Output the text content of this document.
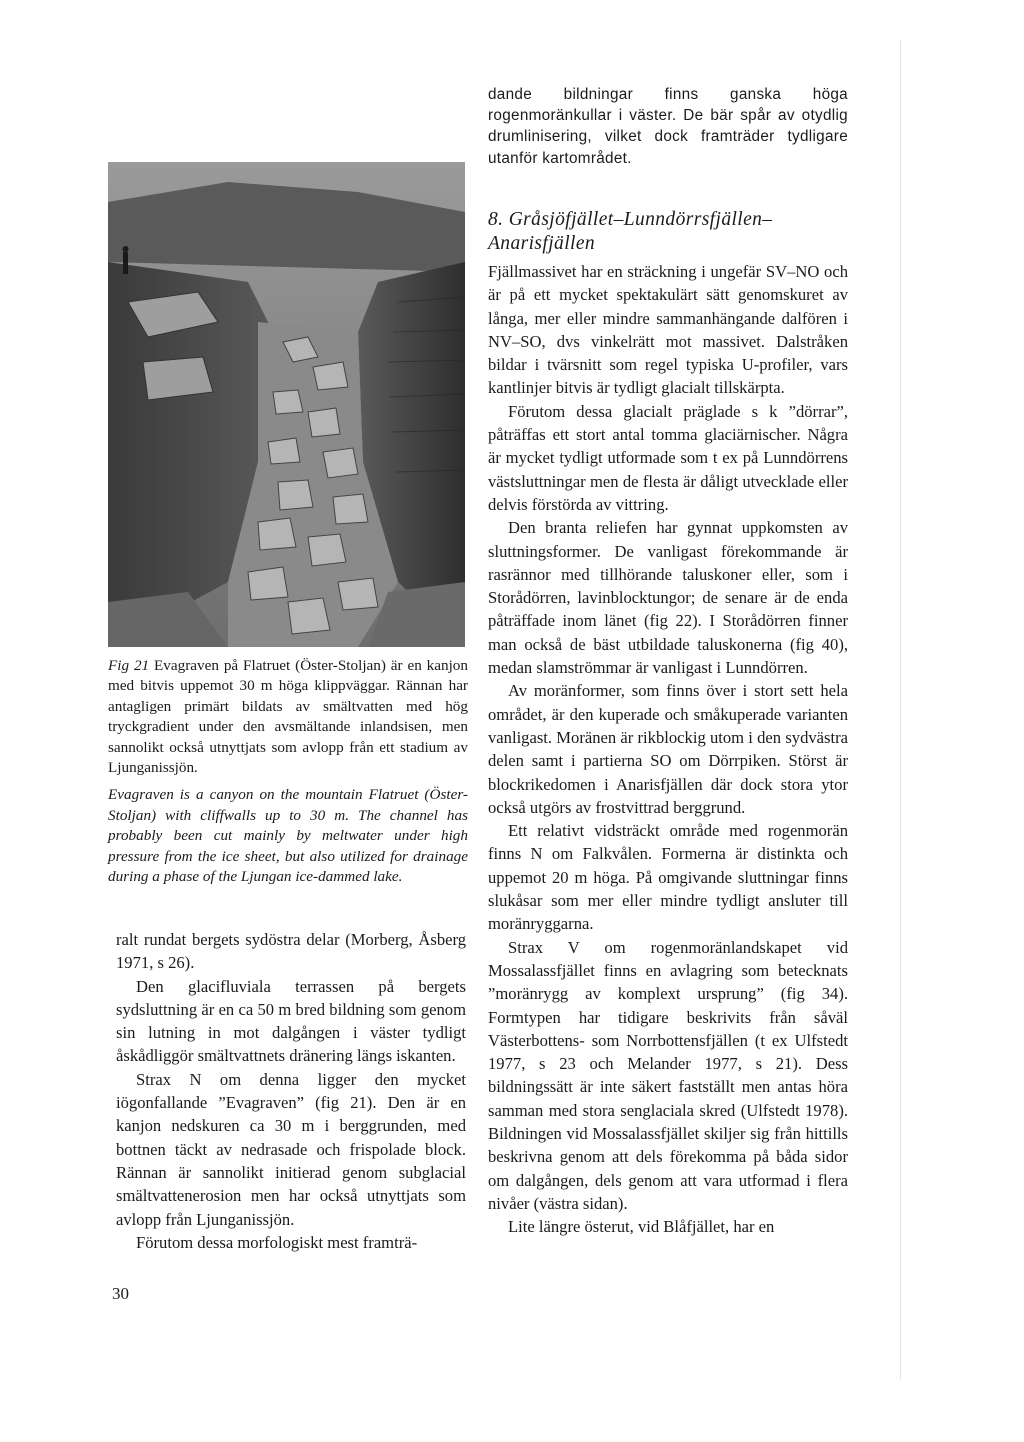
Fig 21 Evagraven på Flatruet (Öster-Stoljan) är en kanjon med bitvis uppemot 30 m höga klippväggar. Rännan har antagligen primärt bildats av smältvatten med hög tryckgradient under den avsmältande inlandsisen, men sannolikt också utnyttjats som avlopp från ett stadium av Ljunganissjön.

Evagraven is a canyon on the mountain Flatruet (Öster-Stoljan) with cliffwalls up to 30 m. The channel has probably been cut mainly by meltwater under high pressure from the ice sheet, but also utilized for drainage during a phase of the Ljungan ice-dammed lake.

ralt rundat bergets sydöstra delar (Morberg, Åsberg 1971, s 26).

Den glacifluviala terrassen på bergets sydsluttning är en ca 50 m bred bildning som genom sin lutning in mot dalgången i väster tydligt åskådliggör smältvattnets dränering längs iskanten.

Strax N om denna ligger den mycket iögonfallande ”Evagraven” (fig 21). Den är en kanjon nedskuren ca 30 m i berggrunden, med bottnen täckt av nedrasade och frispolade block. Rännan är sannolikt initierad genom subglacial smältvattenerosion men har också utnyttjats som avlopp från Ljunganissjön.

Förutom dessa morfologiskt mest framträ-

dande bildningar finns ganska höga rogenmoränkullar i väster. De bär spår av otydlig drumlinisering, vilket dock framträder tydligare utanför kartområdet.

8. Gråsjöfjället–Lunndörrsfjällen–
Anarisfjällen

Fjällmassivet har en sträckning i ungefär SV–NO och är på ett mycket spektakulärt sätt genomskuret av långa, mer eller mindre sammanhängande dalfören i NV–SO, dvs vinkelrätt mot massivet. Dalstråken bildar i tvärsnitt som regel typiska U-profiler, vars kantlinjer bitvis är tydligt glacialt tillskärpta.

Förutom dessa glacialt präglade s k ”dörrar”, påträffas ett stort antal tomma glaciärnischer. Några är mycket tydligt utformade som t ex på Lunndörrens västsluttningar men de flesta är dåligt utvecklade eller delvis förstörda av vittring.

Den branta reliefen har gynnat uppkomsten av sluttningsformer. De vanligast förekommande är rasrännor med tillhörande taluskoner eller, som i Storådörren, lavinblocktungor; de senare är de enda påträffade inom länet (fig 22). I Storådörren finner man också de bäst utbildade taluskonerna (fig 40), medan slamströmmar är vanligast i Lunndörren.

Av moränformer, som finns över i stort sett hela området, är den kuperade och småkuperade varianten vanligast. Moränen är rikblockig utom i den sydvästra delen samt i partierna SO om Dörrpiken. Störst är blockrikedomen i Anarisfjällen där dock stora ytor också utgörs av frostvittrad berggrund.

Ett relativt vidsträckt område med rogenmorän finns N om Falkvålen. Formerna är distinkta och uppemot 20 m höga. På omgivande sluttningar finns slukåsar som mer eller mindre tydligt ansluter till moränryggarna.

Strax V om rogenmoränlandskapet vid Mossalassfjället finns en avlagring som betecknats ”moränrygg av komplext ursprung” (fig 34). Formtypen har tidigare beskrivits från såväl Västerbottens- som Norrbottensfjällen (t ex Ulfstedt 1977, s 23 och Melander 1977, s 21). Dess bildningssätt är inte säkert fastställt men antas höra samman med stora senglaciala skred (Ulfstedt 1978). Bildningen vid Mossalassfjället skiljer sig från hittills beskrivna genom att dels förekomma på båda sidor om dalgången, dels genom att vara utformad i flera nivåer (västra sidan).

Lite längre österut, vid Blåfjället, har en

30
